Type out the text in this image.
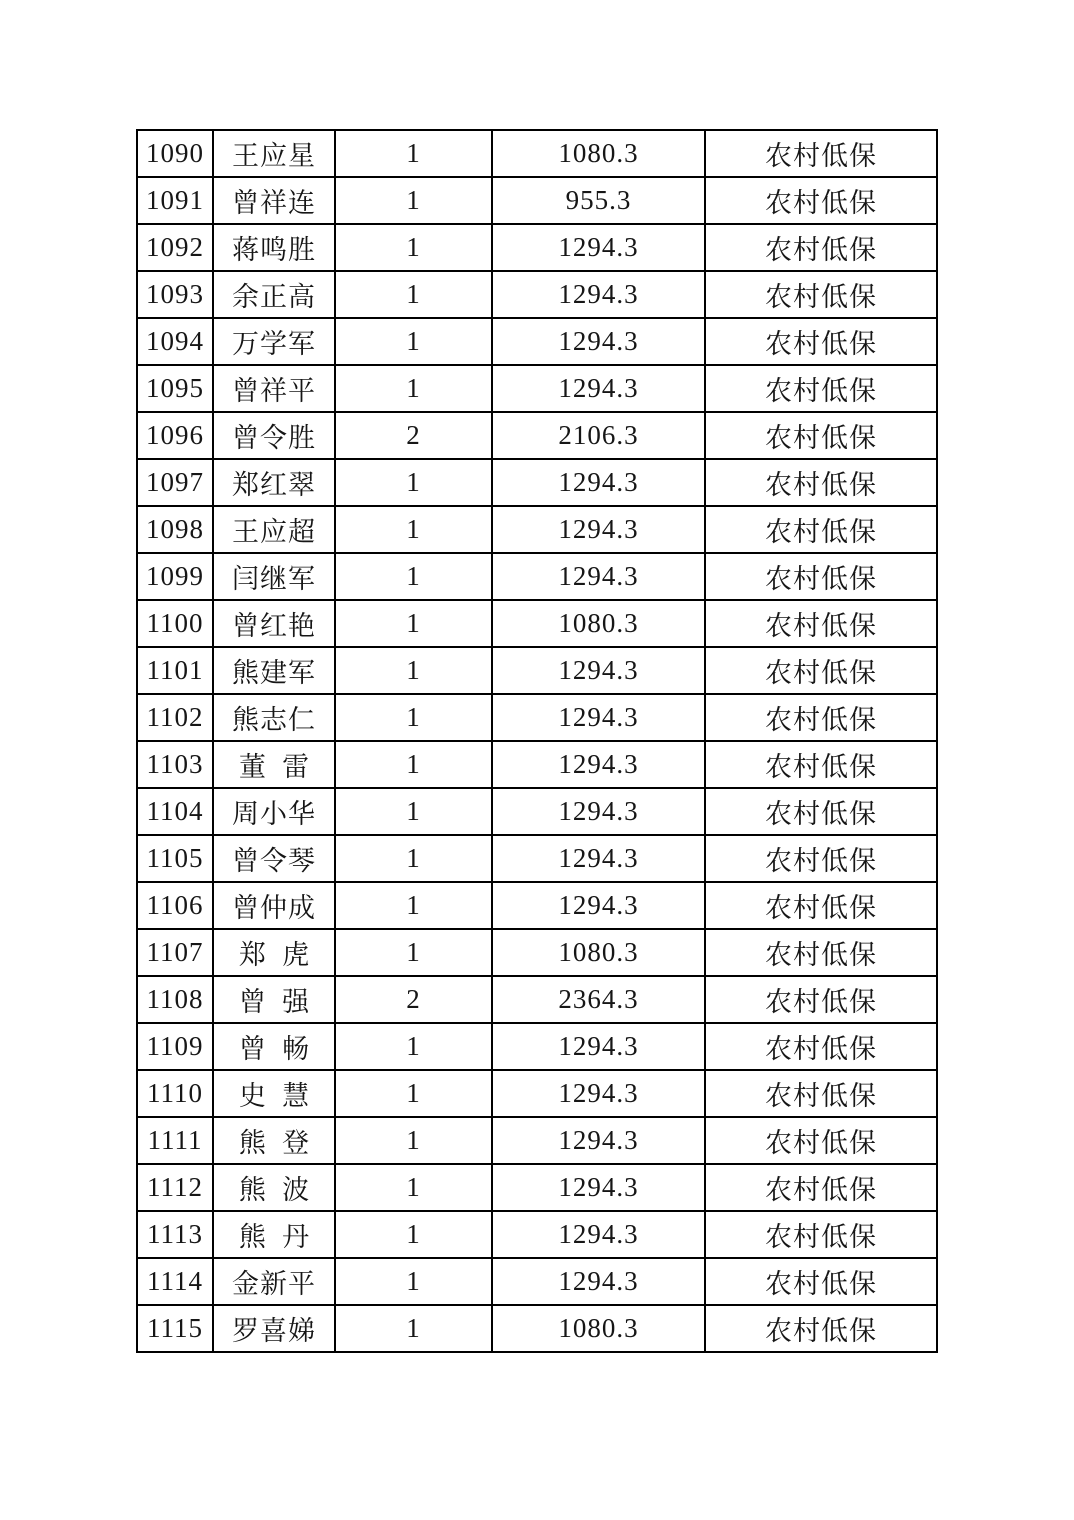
1090	王应星	1	1080.3	农村低保
1091	曾祥连	1	955.3	农村低保
1092	蒋鸣胜	1	1294.3	农村低保
1093	余正高	1	1294.3	农村低保
1094	万学军	1	1294.3	农村低保
1095	曾祥平	1	1294.3	农村低保
1096	曾令胜	2	2106.3	农村低保
1097	郑红翠	1	1294.3	农村低保
1098	王应超	1	1294.3	农村低保
1099	闫继军	1	1294.3	农村低保
1100	曾红艳	1	1080.3	农村低保
1101	熊建军	1	1294.3	农村低保
1102	熊志仁	1	1294.3	农村低保
1103	董雷	1	1294.3	农村低保
1104	周小华	1	1294.3	农村低保
1105	曾令琴	1	1294.3	农村低保
1106	曾仲成	1	1294.3	农村低保
1107	郑虎	1	1080.3	农村低保
1108	曾强	2	2364.3	农村低保
1109	曾畅	1	1294.3	农村低保
1110	史慧	1	1294.3	农村低保
1111	熊登	1	1294.3	农村低保
1112	熊波	1	1294.3	农村低保
1113	熊丹	1	1294.3	农村低保
1114	金新平	1	1294.3	农村低保
1115	罗喜娣	1	1080.3	农村低保
